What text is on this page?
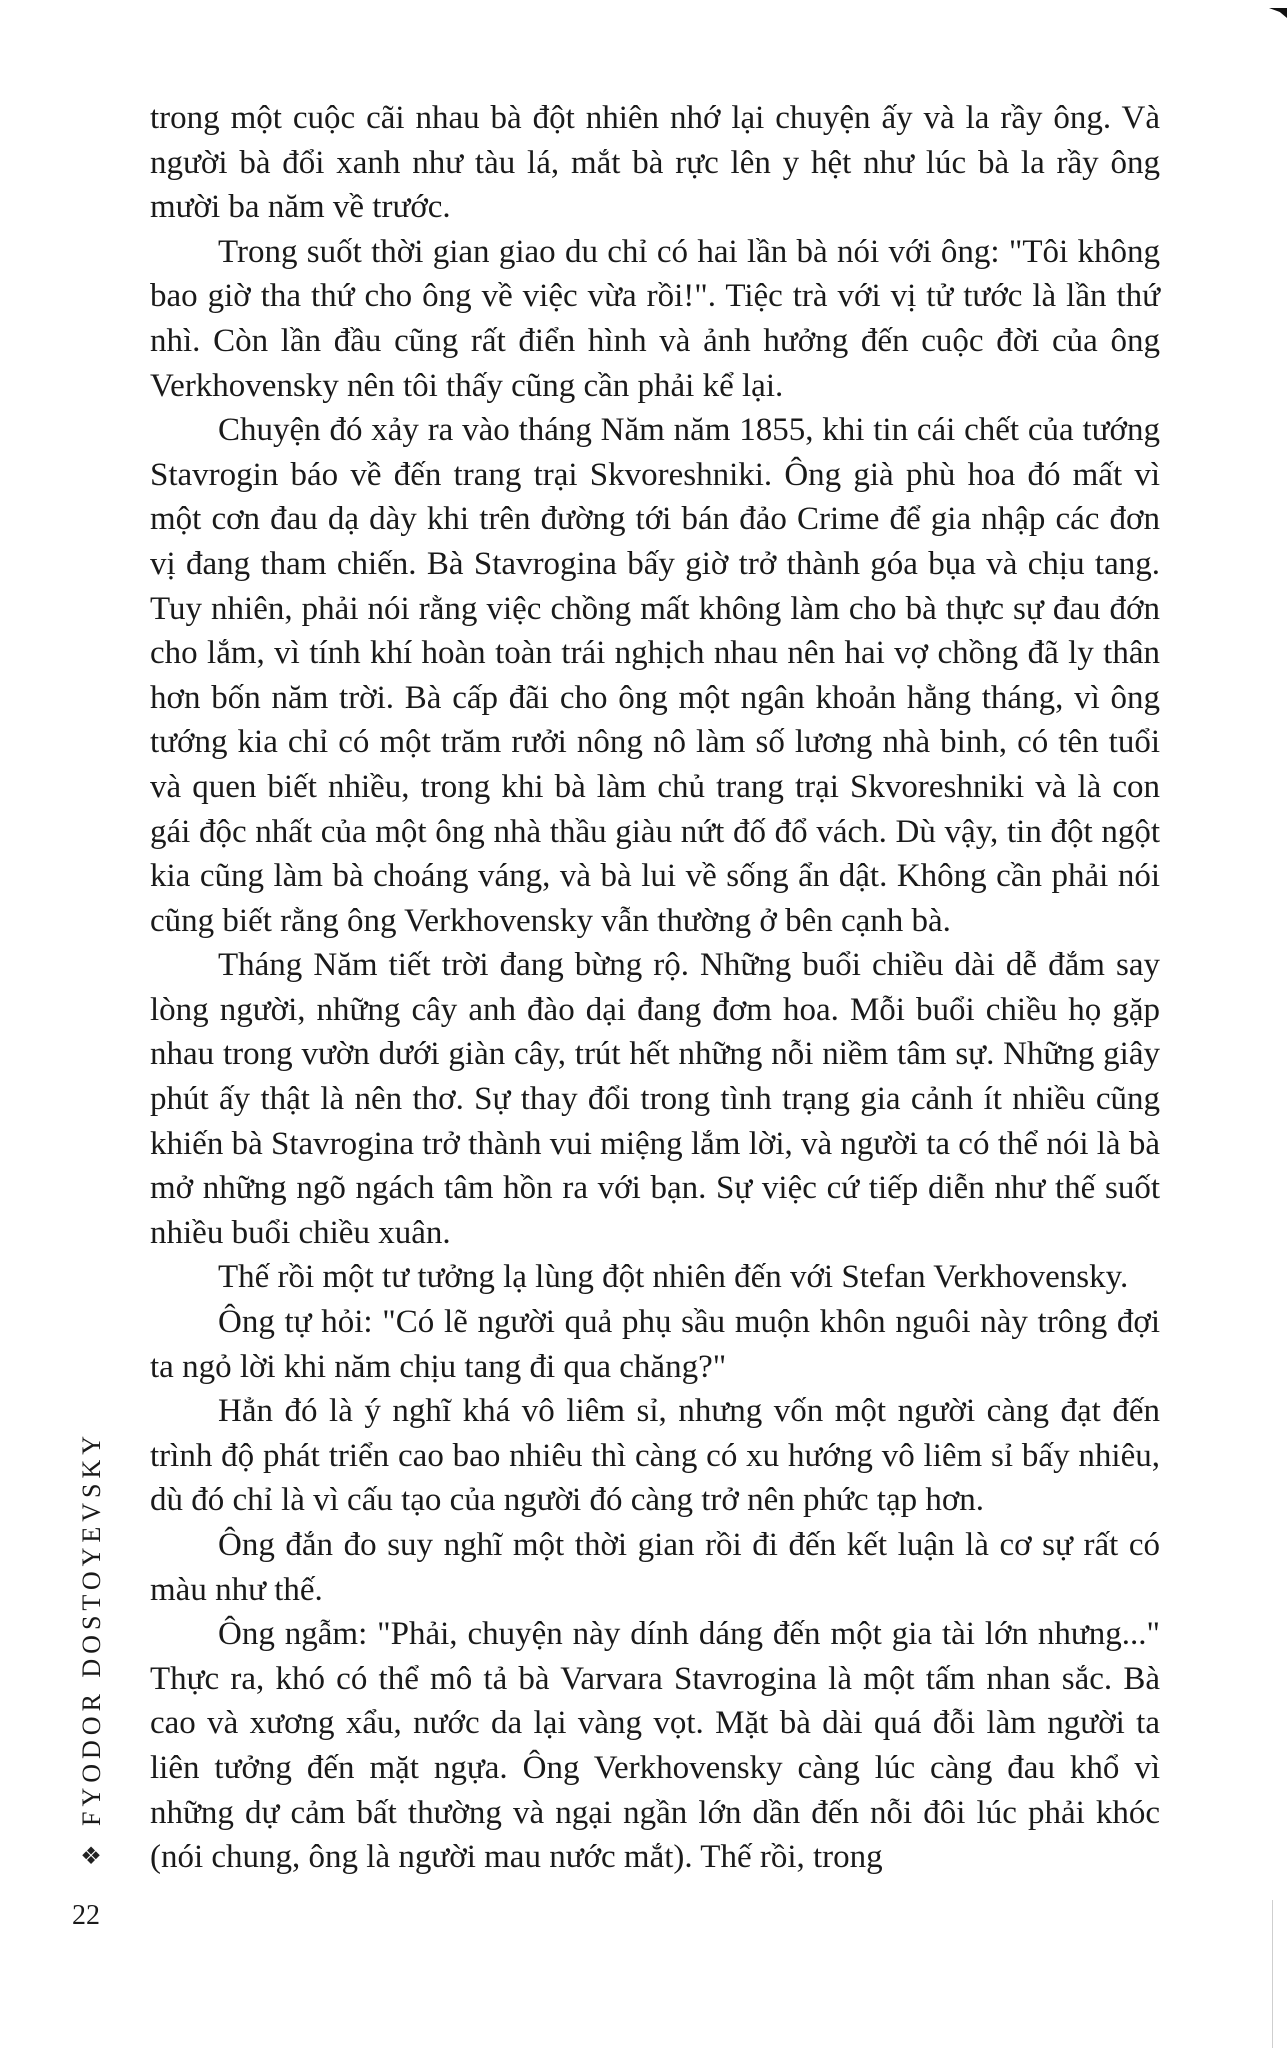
trong một cuộc cãi nhau bà đột nhiên nhớ lại chuyện ấy và la rầy ông. Và người bà đổi xanh như tàu lá, mắt bà rực lên y hệt như lúc bà la rầy ông mười ba năm về trước.

Trong suốt thời gian giao du chỉ có hai lần bà nói với ông: "Tôi không bao giờ tha thứ cho ông về việc vừa rồi!". Tiệc trà với vị tử tước là lần thứ nhì. Còn lần đầu cũng rất điển hình và ảnh hưởng đến cuộc đời của ông Verkhovensky nên tôi thấy cũng cần phải kể lại.

Chuyện đó xảy ra vào tháng Năm năm 1855, khi tin cái chết của tướng Stavrogin báo về đến trang trại Skvoreshniki. Ông già phù hoa đó mất vì một cơn đau dạ dày khi trên đường tới bán đảo Crime để gia nhập các đơn vị đang tham chiến. Bà Stavrogina bấy giờ trở thành góa bụa và chịu tang. Tuy nhiên, phải nói rằng việc chồng mất không làm cho bà thực sự đau đớn cho lắm, vì tính khí hoàn toàn trái nghịch nhau nên hai vợ chồng đã ly thân hơn bốn năm trời. Bà cấp đãi cho ông một ngân khoản hằng tháng, vì ông tướng kia chỉ có một trăm rưởi nông nô làm số lương nhà binh, có tên tuổi và quen biết nhiều, trong khi bà làm chủ trang trại Skvoreshniki và là con gái độc nhất của một ông nhà thầu giàu nứt đố đổ vách. Dù vậy, tin đột ngột kia cũng làm bà choáng váng, và bà lui về sống ẩn dật. Không cần phải nói cũng biết rằng ông Verkhovensky vẫn thường ở bên cạnh bà.

Tháng Năm tiết trời đang bừng rộ. Những buổi chiều dài dễ đắm say lòng người, những cây anh đào dại đang đơm hoa. Mỗi buổi chiều họ gặp nhau trong vườn dưới giàn cây, trút hết những nỗi niềm tâm sự. Những giây phút ấy thật là nên thơ. Sự thay đổi trong tình trạng gia cảnh ít nhiều cũng khiến bà Stavrogina trở thành vui miệng lắm lời, và người ta có thể nói là bà mở những ngõ ngách tâm hồn ra với bạn. Sự việc cứ tiếp diễn như thế suốt nhiều buổi chiều xuân.

Thế rồi một tư tưởng lạ lùng đột nhiên đến với Stefan Verkhovensky.

Ông tự hỏi: "Có lẽ người quả phụ sầu muộn khôn nguôi này trông đợi ta ngỏ lời khi năm chịu tang đi qua chăng?"

Hẳn đó là ý nghĩ khá vô liêm sỉ, nhưng vốn một người càng đạt đến trình độ phát triển cao bao nhiêu thì càng có xu hướng vô liêm sỉ bấy nhiêu, dù đó chỉ là vì cấu tạo của người đó càng trở nên phức tạp hơn.

Ông đắn đo suy nghĩ một thời gian rồi đi đến kết luận là cơ sự rất có màu như thế.

Ông ngẫm: "Phải, chuyện này dính dáng đến một gia tài lớn nhưng..." Thực ra, khó có thể mô tả bà Varvara Stavrogina là một tấm nhan sắc. Bà cao và xương xẩu, nước da lại vàng vọt. Mặt bà dài quá đỗi làm người ta liên tưởng đến mặt ngựa. Ông Verkhovensky càng lúc càng đau khổ vì những dự cảm bất thường và ngại ngần lớn dần đến nỗi đôi lúc phải khóc (nói chung, ông là người mau nước mắt). Thế rồi, trong

FYODOR DOSTOYEVSKY
❖
22
